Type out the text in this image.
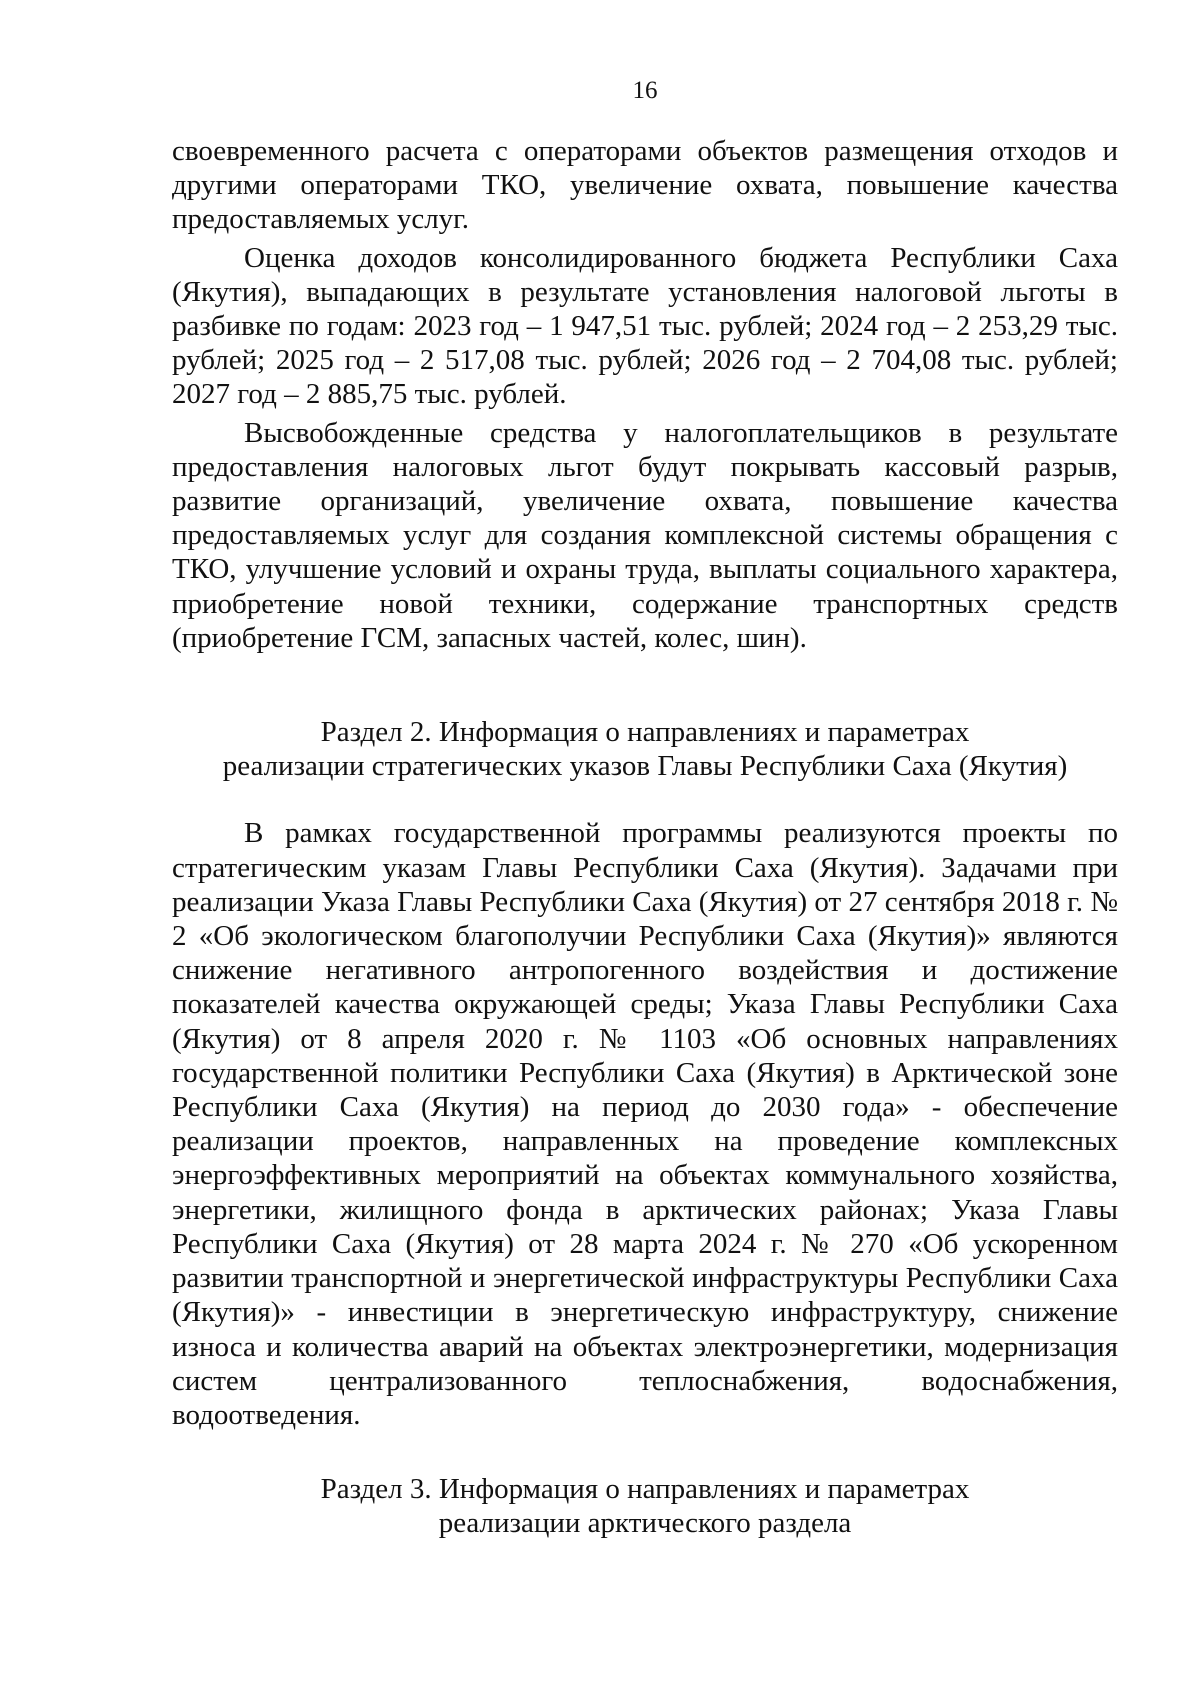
16

своевременного расчета с операторами объектов размещения отходов и другими операторами ТКО, увеличение охвата, повышение качества предоставляемых услуг.

Оценка доходов консолидированного бюджета Республики Саха (Якутия), выпадающих в результате установления налоговой льготы в разбивке по годам: 2023 год – 1 947,51 тыс. рублей; 2024 год – 2 253,29 тыс. рублей; 2025 год – 2 517,08 тыс. рублей; 2026 год – 2 704,08 тыс. рублей; 2027 год – 2 885,75 тыс. рублей.

Высвобожденные средства у налогоплательщиков в результате предоставления налоговых льгот будут покрывать кассовый разрыв, развитие организаций, увеличение охвата, повышение качества предоставляемых услуг для создания комплексной системы обращения с ТКО, улучшение условий и охраны труда, выплаты социального характера, приобретение новой техники, содержание транспортных средств (приобретение ГСМ, запасных частей, колес, шин).

Раздел 2. Информация о направлениях и параметрах
реализации стратегических указов Главы Республики Саха (Якутия)

В рамках государственной программы реализуются проекты по стратегическим указам Главы Республики Саха (Якутия). Задачами при реализации Указа Главы Республики Саха (Якутия) от 27 сентября 2018 г. № 2 «Об экологическом благополучии Республики Саха (Якутия)» являются снижение негативного антропогенного воздействия и достижение показателей качества окружающей среды; Указа Главы Республики Саха (Якутия) от 8 апреля 2020 г. № 1103 «Об основных направлениях государственной политики Республики Саха (Якутия) в Арктической зоне Республики Саха (Якутия) на период до 2030 года» - обеспечение реализации проектов, направленных на проведение комплексных энергоэффективных мероприятий на объектах коммунального хозяйства, энергетики, жилищного фонда в арктических районах; Указа Главы Республики Саха (Якутия) от 28 марта 2024 г. № 270 «Об ускоренном развитии транспортной и энергетической инфраструктуры Республики Саха (Якутия)» - инвестиции в энергетическую инфраструктуру, снижение износа и количества аварий на объектах электроэнергетики, модернизация систем централизованного теплоснабжения, водоснабжения, водоотведения.

Раздел 3. Информация о направлениях и параметрах
реализации арктического раздела
